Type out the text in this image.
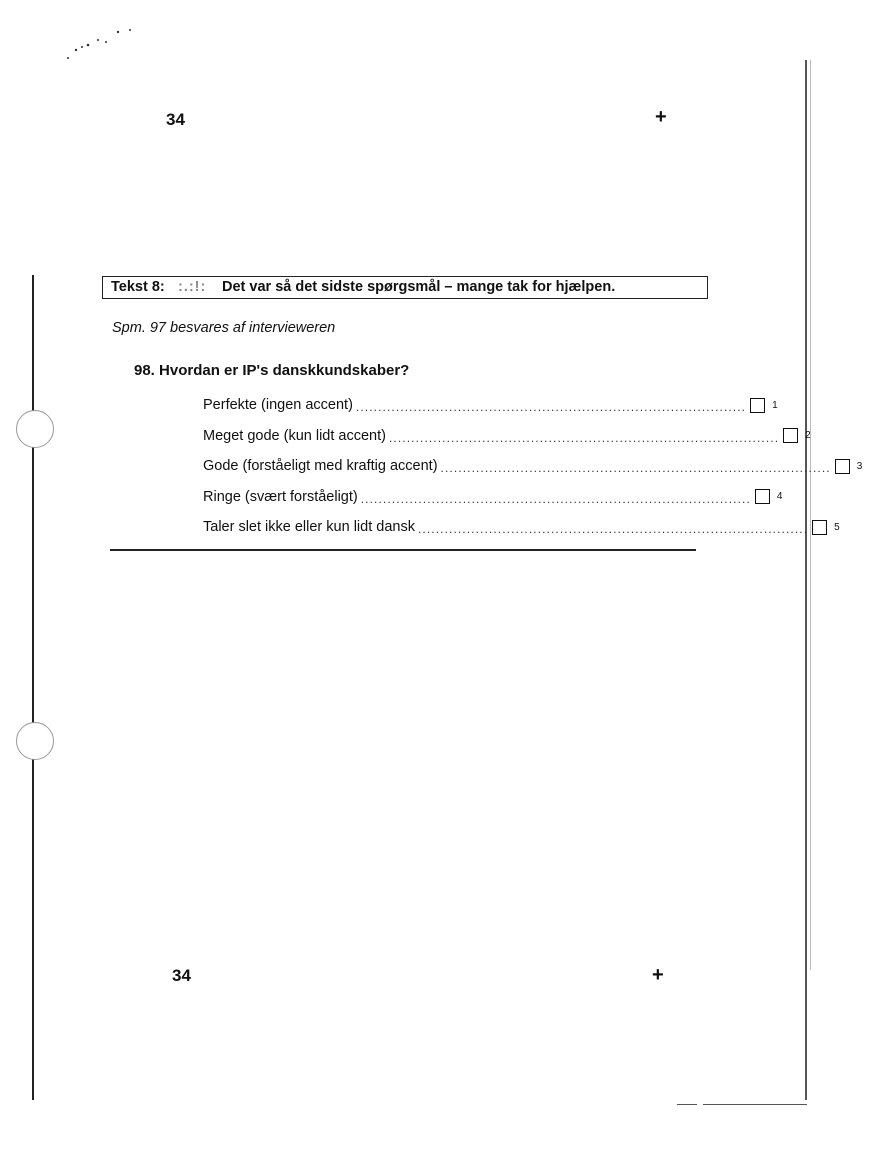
34	+
Tekst 8: :.:!: Det var så det sidste spørgsmål – mange tak for hjælpen.
Spm. 97 besvares af intervieweren
98. Hvordan er IP's danskkundskaber?
Perfekte (ingen accent) ........................................................................................	1
Meget gode (kun lidt accent) ........................................................................................	2
Gode (forståeligt med kraftig accent) ........................................................................................	3
Ringe (svært forståeligt) ........................................................................................	4
Taler slet ikke eller kun lidt dansk ........................................................................................	5
34	+
